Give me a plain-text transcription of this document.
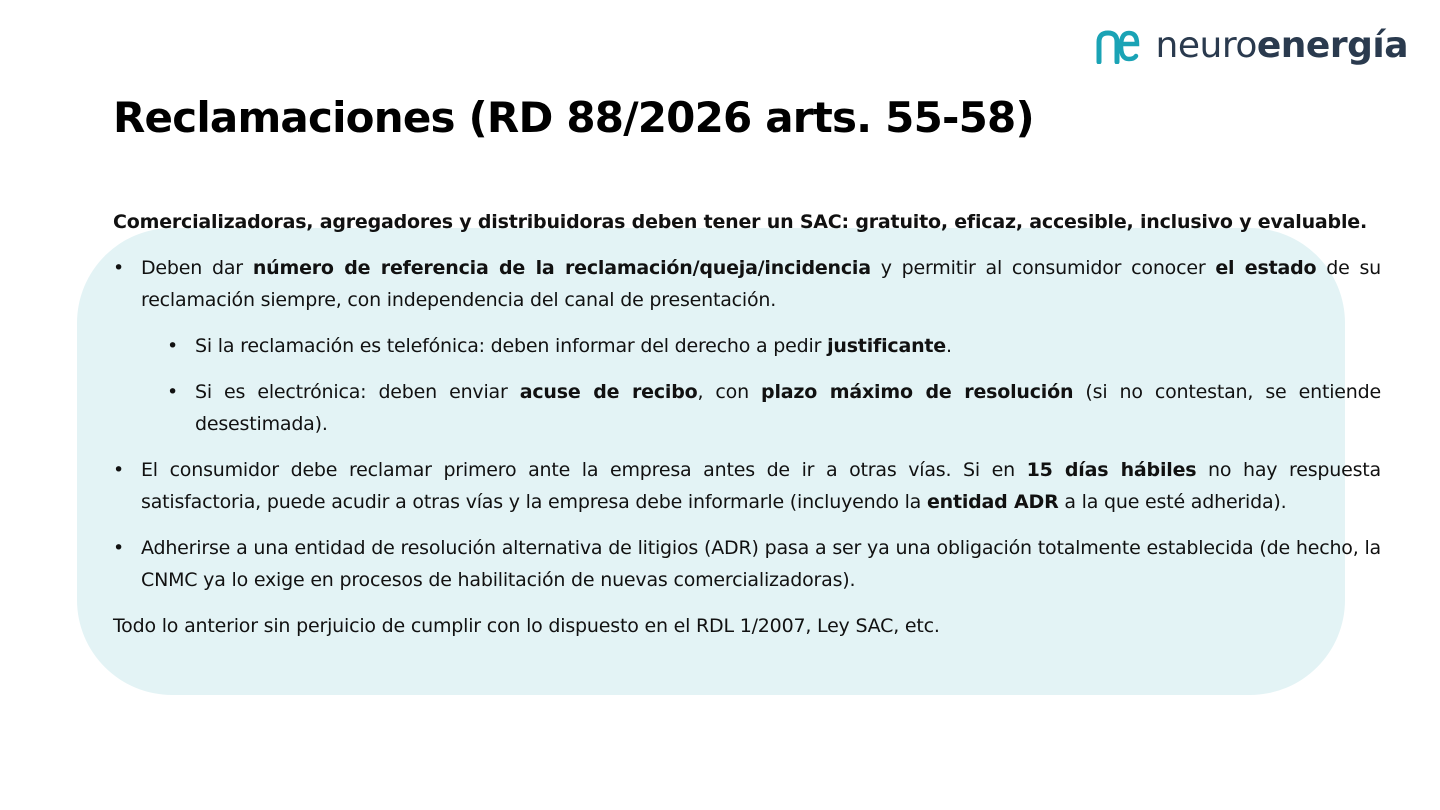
neuroenergía
Reclamaciones (RD 88/2026 arts. 55-58)

Comercializadoras, agregadores y distribuidoras deben tener un SAC: gratuito, eficaz, accesible, inclusivo y evaluable.

• Deben dar número de referencia de la reclamación/queja/incidencia y permitir al consumidor conocer el estado de su reclamación siempre, con independencia del canal de presentación.
• Si la reclamación es telefónica: deben informar del derecho a pedir justificante.
• Si es electrónica: deben enviar acuse de recibo, con plazo máximo de resolución (si no contestan, se entiende desestimada).
• El consumidor debe reclamar primero ante la empresa antes de ir a otras vías. Si en 15 días hábiles no hay respuesta satisfactoria, puede acudir a otras vías y la empresa debe informarle (incluyendo la entidad ADR a la que esté adherida).
• Adherirse a una entidad de resolución alternativa de litigios (ADR) pasa a ser ya una obligación totalmente establecida (de hecho, la CNMC ya lo exige en procesos de habilitación de nuevas comercializadoras).

Todo lo anterior sin perjuicio de cumplir con lo dispuesto en el RDL 1/2007, Ley SAC, etc.
